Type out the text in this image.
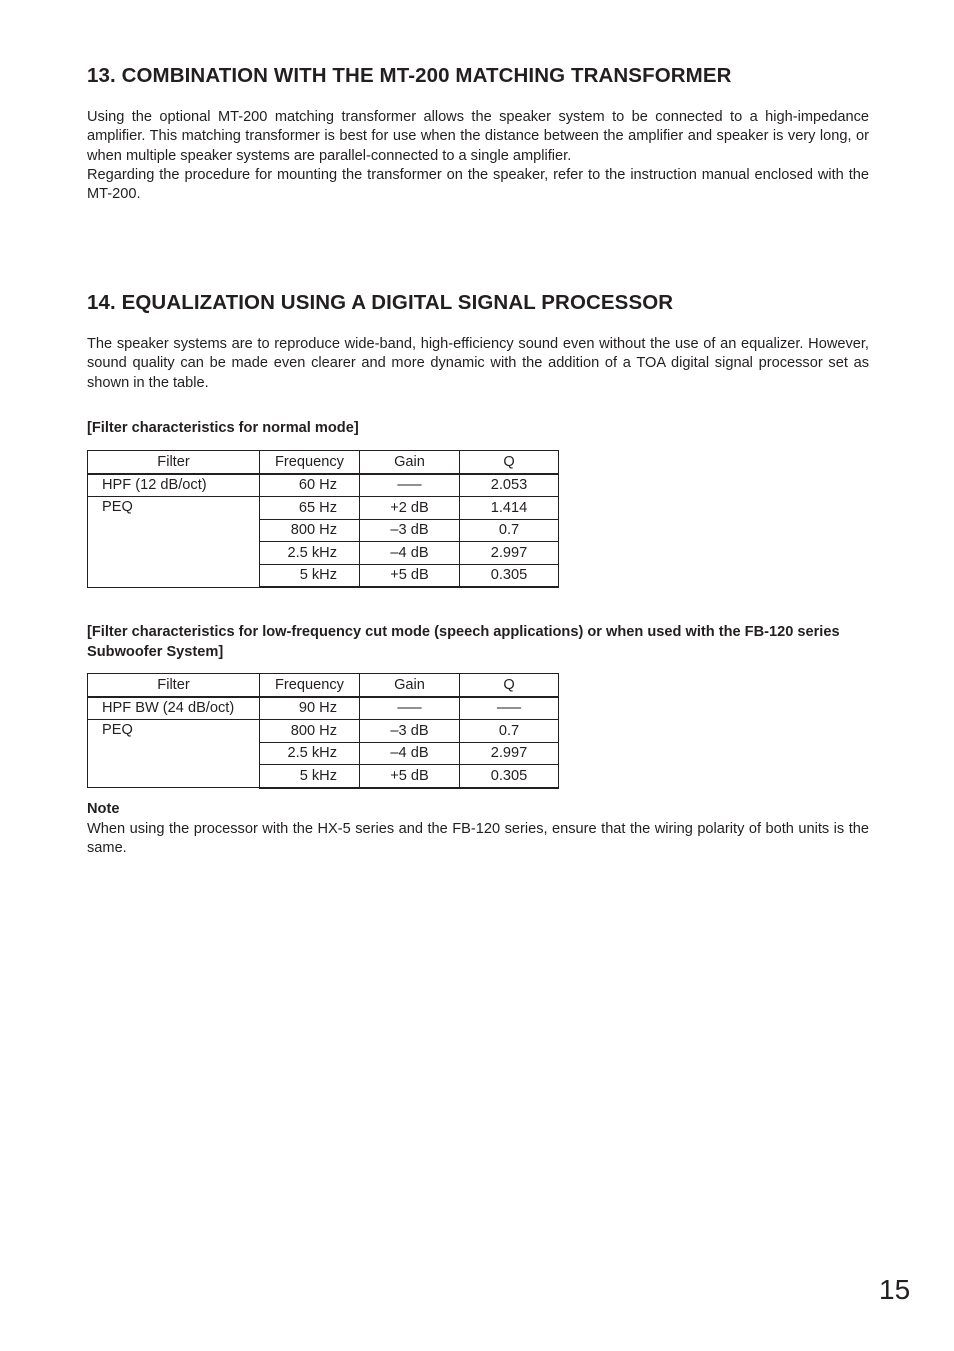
13. COMBINATION WITH THE MT-200 MATCHING TRANSFORMER

Using the optional MT-200 matching transformer allows the speaker system to be connected to a high-impedance amplifier. This matching transformer is best for use when the distance between the amplifier and speaker is very long, or when multiple speaker systems are parallel-connected to a single amplifier.

Regarding the procedure for mounting the transformer on the speaker, refer to the instruction manual enclosed with the MT-200.

14. EQUALIZATION USING A DIGITAL SIGNAL PROCESSOR

The speaker systems are to reproduce wide-band, high-efficiency sound even without the use of an equalizer. However, sound quality can be made even clearer and more dynamic with the addition of a TOA digital signal processor set as shown in the table.

[Filter characteristics for normal mode]

Filter	Frequency	Gain	Q
HPF (12 dB/oct)	60 Hz	–––	2.053
PEQ	65 Hz	+2 dB	1.414
	800 Hz	–3 dB	0.7
	2.5 kHz	–4 dB	2.997
	5 kHz	+5 dB	0.305

[Filter characteristics for low-frequency cut mode (speech applications) or when used with the FB-120 series Subwoofer System]

Filter	Frequency	Gain	Q
HPF BW (24 dB/oct)	90 Hz	–––	–––
PEQ	800 Hz	–3 dB	0.7
	2.5 kHz	–4 dB	2.997
	5 kHz	+5 dB	0.305

Note

When using the processor with the HX-5 series and the FB-120 series, ensure that the wiring polarity of both units is the same.

15
